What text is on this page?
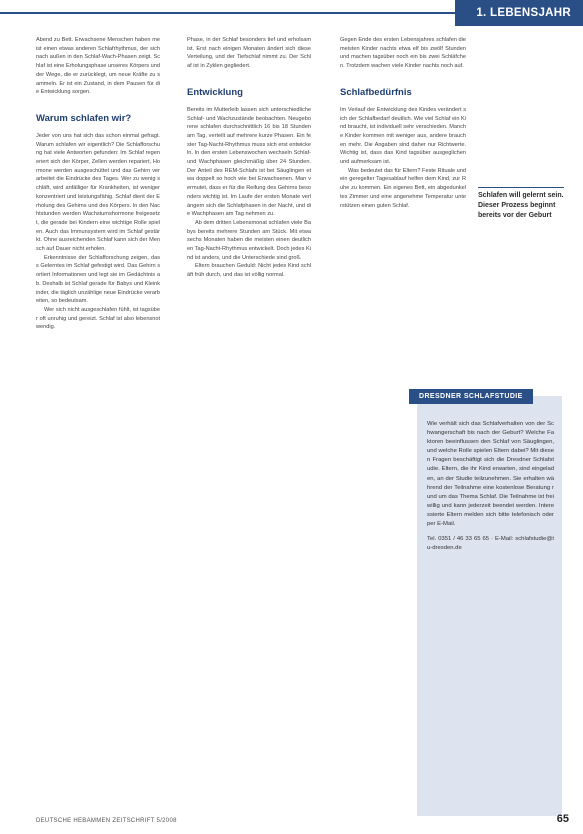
1. LEBENSJAHR

Abend zu Bett. Erwachsene Menschen haben meist einen etwas anderen Schlafrhythmus, der sich nach außen in den Schlaf-Wach-Phasen zeigt. Schlaf ist eine Erholungsphase unseres Körpers und der Wege, die er zurücklegt, um neue Kräfte zu sammeln. Er ist ein Zustand, in dem Pausen für die Entwicklung sorgen.

Warum schlafen wir?

Jeder von uns hat sich das schon einmal gefragt. Warum schlafen wir eigentlich? Die Schlafforschung hat viele Antworten gefunden: Im Schlaf regeneriert sich der Körper, Zellen werden repariert, Hormone werden ausgeschüttet und das Gehirn verarbeitet die Eindrücke des Tages. Wer zu wenig schläft, wird anfälliger für Krankheiten, ist weniger konzentriert und leistungsfähig. Schlaf dient der Erholung des Gehirns und des Körpers. In den Nachtstunden werden Wachstumshormone freigesetzt, die gerade bei Kindern eine wichtige Rolle spielen. Auch das Immunsystem wird im Schlaf gestärkt. Ohne ausreichenden Schlaf kann sich der Mensch auf Dauer nicht erholen.

Erkenntnisse der Schlafforschung zeigen, dass Gelerntes im Schlaf gefestigt wird. Das Gehirn sortiert Informationen und legt sie im Gedächtnis ab. Deshalb ist Schlaf gerade für Babys und Kleinkinder, die täglich unzählige neue Eindrücke verarbeiten, so bedeutsam.

Wer sich nicht ausgeschlafen fühlt, ist tagsüber oft unruhig und gereizt. Schlaf ist also lebensnotwendig.

Phase, in der Schlaf besonders tief und erholsam ist. Erst nach einigen Monaten ändert sich diese Verteilung, und der Tiefschlaf nimmt zu. Der Schlaf ist in Zyklen gegliedert.

Entwicklung

Bereits im Mutterleib lassen sich unterschiedliche Schlaf- und Wachzustände beobachten. Neugeborene schlafen durchschnittlich 16 bis 18 Stunden am Tag, verteilt auf mehrere kurze Phasen. Ein fester Tag-Nacht-Rhythmus muss sich erst entwickeln. In den ersten Lebenswochen wechseln Schlaf- und Wachphasen gleichmäßig über 24 Stunden. Der Anteil des REM-Schlafs ist bei Säuglingen etwa doppelt so hoch wie bei Erwachsenen. Man vermutet, dass er für die Reifung des Gehirns besonders wichtig ist. Im Laufe der ersten Monate verlängern sich die Schlafphasen in der Nacht, und die Wachphasen am Tag nehmen zu.

Ab dem dritten Lebensmonat schlafen viele Babys bereits mehrere Stunden am Stück. Mit etwa sechs Monaten haben die meisten einen deutlichen Tag-Nacht-Rhythmus entwickelt. Doch jedes Kind ist anders, und die Unterschiede sind groß.

Eltern brauchen Geduld: Nicht jedes Kind schläft früh durch, und das ist völlig normal.

Gegen Ende des ersten Lebensjahres schlafen die meisten Kinder nachts etwa elf bis zwölf Stunden und machen tagsüber noch ein bis zwei Schläfchen. Trotzdem wachen viele Kinder nachts noch auf.

Schlafbedürfnis

Im Verlauf der Entwicklung des Kindes verändert sich der Schlafbedarf deutlich. Wie viel Schlaf ein Kind braucht, ist individuell sehr verschieden. Manche Kinder kommen mit weniger aus, andere brauchen mehr. Die Angaben sind daher nur Richtwerte. Wichtig ist, dass das Kind tagsüber ausgeglichen und aufmerksam ist.

Was bedeutet das für Eltern? Feste Rituale und ein geregelter Tagesablauf helfen dem Kind, zur Ruhe zu kommen. Ein eigenes Bett, ein abgedunkeltes Zimmer und eine angenehme Temperatur unterstützen einen guten Schlaf.

Schlafen will gelernt sein. Dieser Prozess beginnt bereits vor der Geburt
DRESDNER SCHLAFSTUDIE

Wie verhält sich das Schlafverhalten von der Schwangerschaft bis nach der Geburt? Welche Faktoren beeinflussen den Schlaf von Säuglingen, und welche Rolle spielen Eltern dabei? Mit diesen Fragen beschäftigt sich die Dresdner Schlafstudie. Eltern, die ihr Kind erwarten, sind eingeladen, an der Studie teilzunehmen. Sie erhalten während der Teilnahme eine kostenlose Beratung rund um das Thema Schlaf. Die Teilnahme ist freiwillig und kann jederzeit beendet werden. Interessierte Eltern melden sich bitte telefonisch oder per E-Mail.

Tel. 0351 / 46 33 65 65 · E-Mail: schlafstudie@tu-dresden.de

DEUTSCHE HEBAMMEN ZEITSCHRIFT 5/2008	65
